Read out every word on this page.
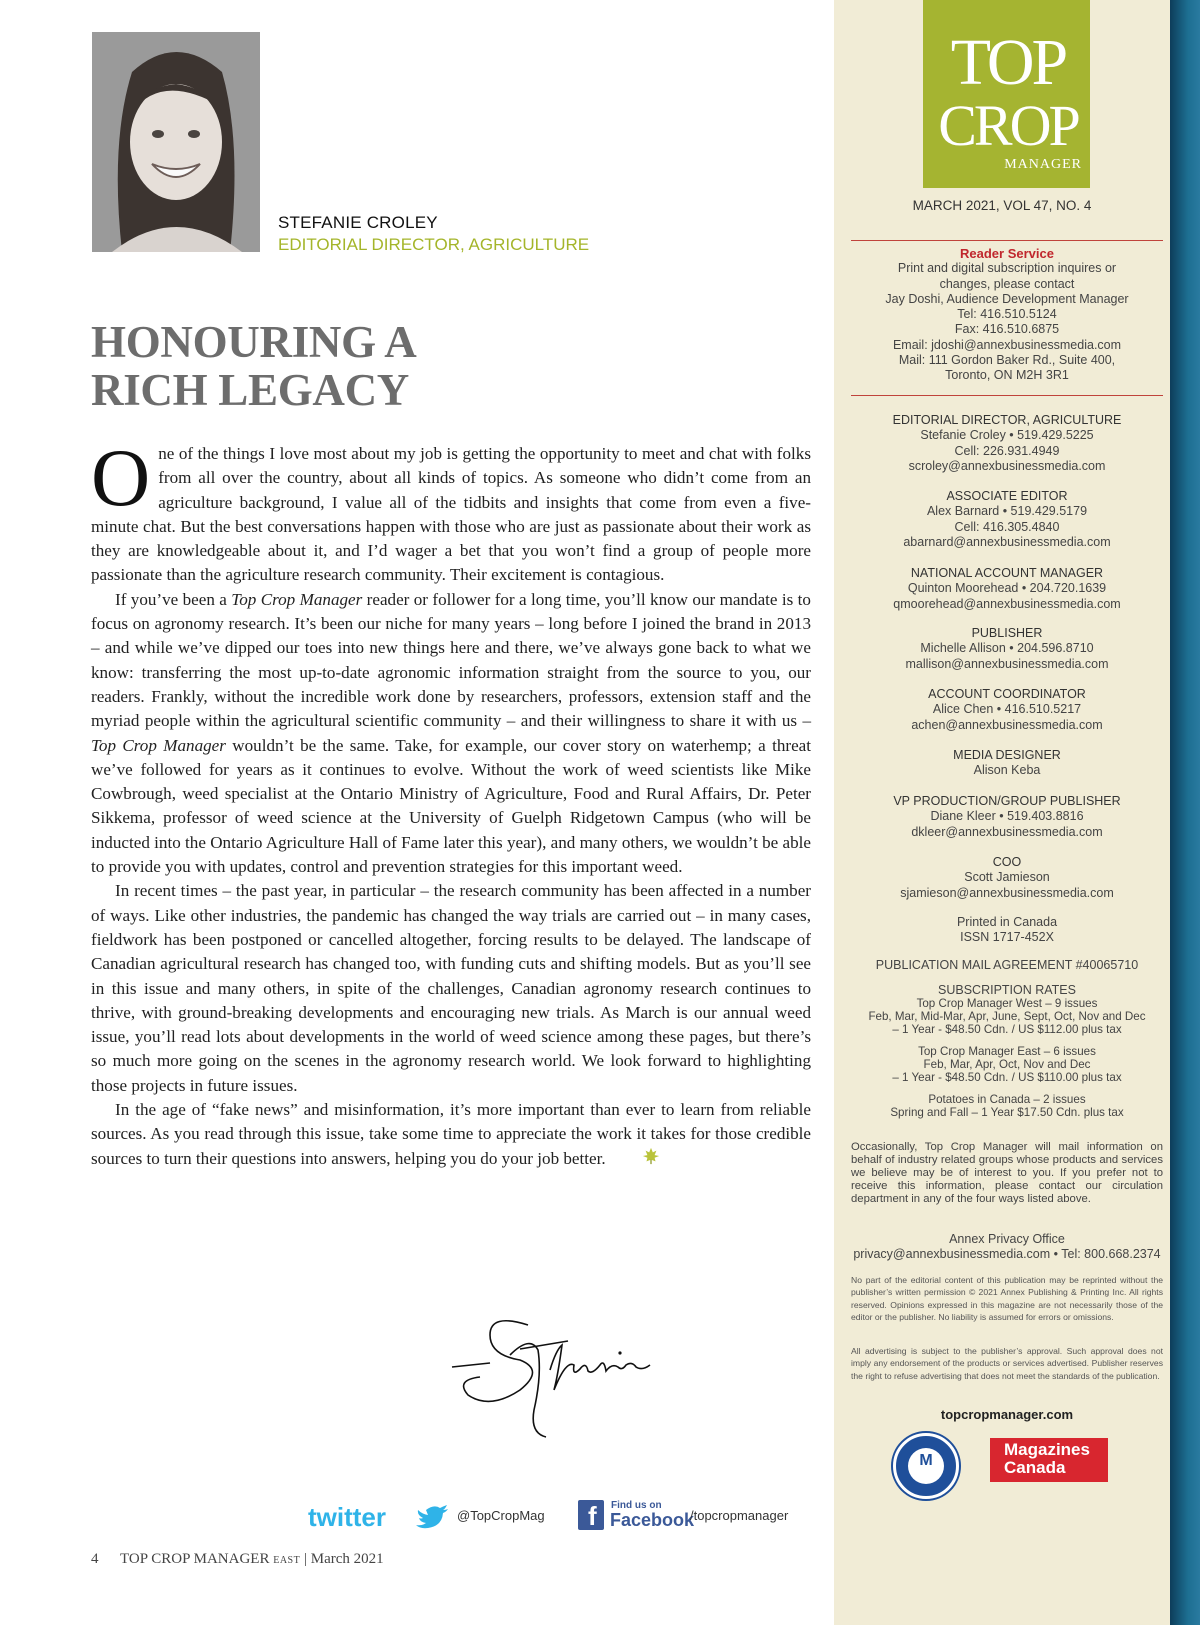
STEFANIE CROLEY
EDITORIAL DIRECTOR, AGRICULTURE
HONOURING A
RICH LEGACY

One of the things I love most about my job is getting the opportunity to meet and chat with folks from all over the country, about all kinds of topics. As someone who didn’t come from an agriculture background, I value all of the tidbits and insights that come from even a five-minute chat. But the best conversations happen with those who are just as passionate about their work as they are knowledgeable about it, and I’d wager a bet that you won’t find a group of people more passionate than the agriculture research community. Their excitement is contagious.

If you’ve been a Top Crop Manager reader or follower for a long time, you’ll know our mandate is to focus on agronomy research. It’s been our niche for many years – long before I joined the brand in 2013 – and while we’ve dipped our toes into new things here and there, we’ve always gone back to what we know: transferring the most up-to-date agronomic information straight from the source to you, our readers. Frankly, without the incredible work done by researchers, professors, extension staff and the myriad people within the agricultural scientific community – and their willingness to share it with us – Top Crop Manager wouldn’t be the same. Take, for example, our cover story on waterhemp; a threat we’ve followed for years as it continues to evolve. Without the work of weed scientists like Mike Cowbrough, weed specialist at the Ontario Ministry of Agriculture, Food and Rural Affairs, Dr. Peter Sikkema, professor of weed science at the University of Guelph Ridgetown Campus (who will be inducted into the Ontario Agriculture Hall of Fame later this year), and many others, we wouldn’t be able to provide you with updates, control and prevention strategies for this important weed.

In recent times – the past year, in particular – the research community has been affected in a number of ways. Like other industries, the pandemic has changed the way trials are carried out – in many cases, fieldwork has been postponed or cancelled altogether, forcing results to be delayed. The landscape of Canadian agricultural research has changed too, with funding cuts and shifting models. But as you’ll see in this issue and many others, in spite of the challenges, Canadian agronomy research continues to thrive, with ground-breaking developments and encouraging new trials. As March is our annual weed issue, you’ll read lots about developments in the world of weed science among these pages, but there’s so much more going on the scenes in the agronomy research world. We look forward to highlighting those projects in future issues.

In the age of “fake news” and misinformation, it’s more important than ever to learn from reliable sources. As you read through this issue, take some time to appreciate the work it takes for those credible sources to turn their questions into answers, helping you do your job better.

twitter	@TopCropMag f Find us on
Facebook
/topcropmanager
4 TOP CROP MANAGER EAST | March 2021
TOP
CROP
MANAGER
MARCH 2021, VOL 47, NO. 4
Reader Service
Print and digital subscription inquires or
changes, please contact
Jay Doshi, Audience Development Manager
Tel: 416.510.5124
Fax: 416.510.6875
Email: jdoshi@annexbusinessmedia.com
Mail: 111 Gordon Baker Rd., Suite 400,
Toronto, ON M2H 3R1
EDITORIAL DIRECTOR, AGRICULTURE
Stefanie Croley • 519.429.5225
Cell: 226.931.4949
scroley@annexbusinessmedia.com
ASSOCIATE EDITOR
Alex Barnard • 519.429.5179
Cell: 416.305.4840
abarnard@annexbusinessmedia.com
NATIONAL ACCOUNT MANAGER
Quinton Moorehead • 204.720.1639
qmoorehead@annexbusinessmedia.com
PUBLISHER
Michelle Allison • 204.596.8710
mallison@annexbusinessmedia.com
ACCOUNT COORDINATOR
Alice Chen • 416.510.5217
achen@annexbusinessmedia.com
MEDIA DESIGNER
Alison Keba
VP PRODUCTION/GROUP PUBLISHER
Diane Kleer • 519.403.8816
dkleer@annexbusinessmedia.com
COO
Scott Jamieson
sjamieson@annexbusinessmedia.com
Printed in Canada
ISSN 1717-452X
PUBLICATION MAIL AGREEMENT #40065710
SUBSCRIPTION RATES
Top Crop Manager West – 9 issues
Feb, Mar, Mid-Mar, Apr, June, Sept, Oct, Nov and Dec
– 1 Year - $48.50 Cdn. / US $112.00 plus tax
Top Crop Manager East – 6 issues
Feb, Mar, Apr, Oct, Nov and Dec
– 1 Year - $48.50 Cdn. / US $110.00 plus tax
Potatoes in Canada – 2 issues
Spring and Fall – 1 Year $17.50 Cdn. plus tax
Occasionally, Top Crop Manager will mail information on behalf of industry related groups whose products and services we believe may be of interest to you. If you prefer not to receive this information, please contact our circulation department in any of the four ways listed above.
Annex Privacy Office
privacy@annexbusinessmedia.com • Tel: 800.668.2374
No part of the editorial content of this publication may be reprinted without the publisher’s written permission © 2021 Annex Publishing & Printing Inc. All rights reserved. Opinions expressed in this magazine are not necessarily those of the editor or the publisher. No liability is assumed for errors or omissions.
All advertising is subject to the publisher’s approval. Such approval does not imply any endorsement of the products or services advertised. Publisher reserves the right to refuse advertising that does not meet the standards of the publication.
topcropmanager.com
M
Magazines
Canada
